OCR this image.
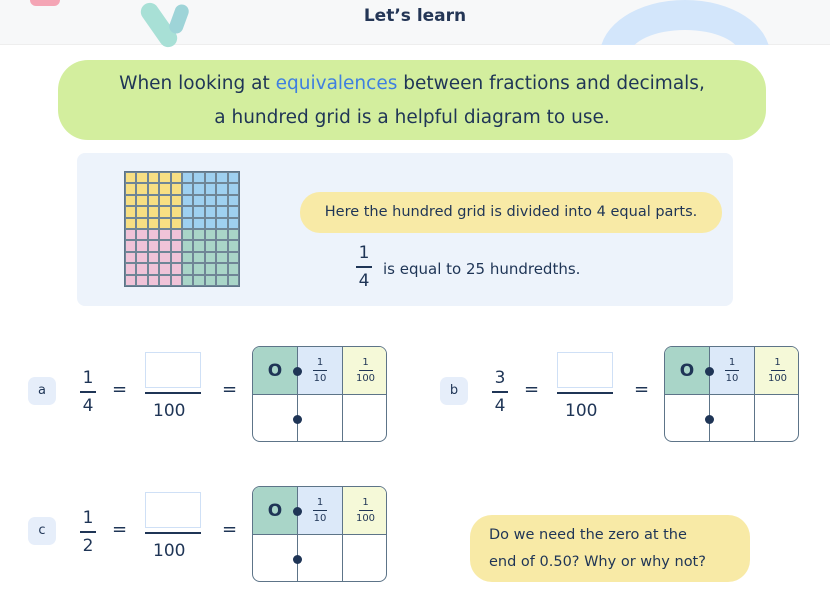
Let’s learn
When looking at equivalences between fractions and decimals,
a hundred grid is a helpful diagram to use.
Here the hundred grid is divided into 4 equal parts.
1
4
is equal to 25 hundredths.
a
1
4
=
100
=
O	$\frac{1}{10}$	$\frac{1}{100}$
b
3
4
=
100
=
O	$\frac{1}{10}$	$\frac{1}{100}$
c
1
2
=
100
=
O	$\frac{1}{10}$	$\frac{1}{100}$
Do we need the zero at the
end of 0.50? Why or why not?
